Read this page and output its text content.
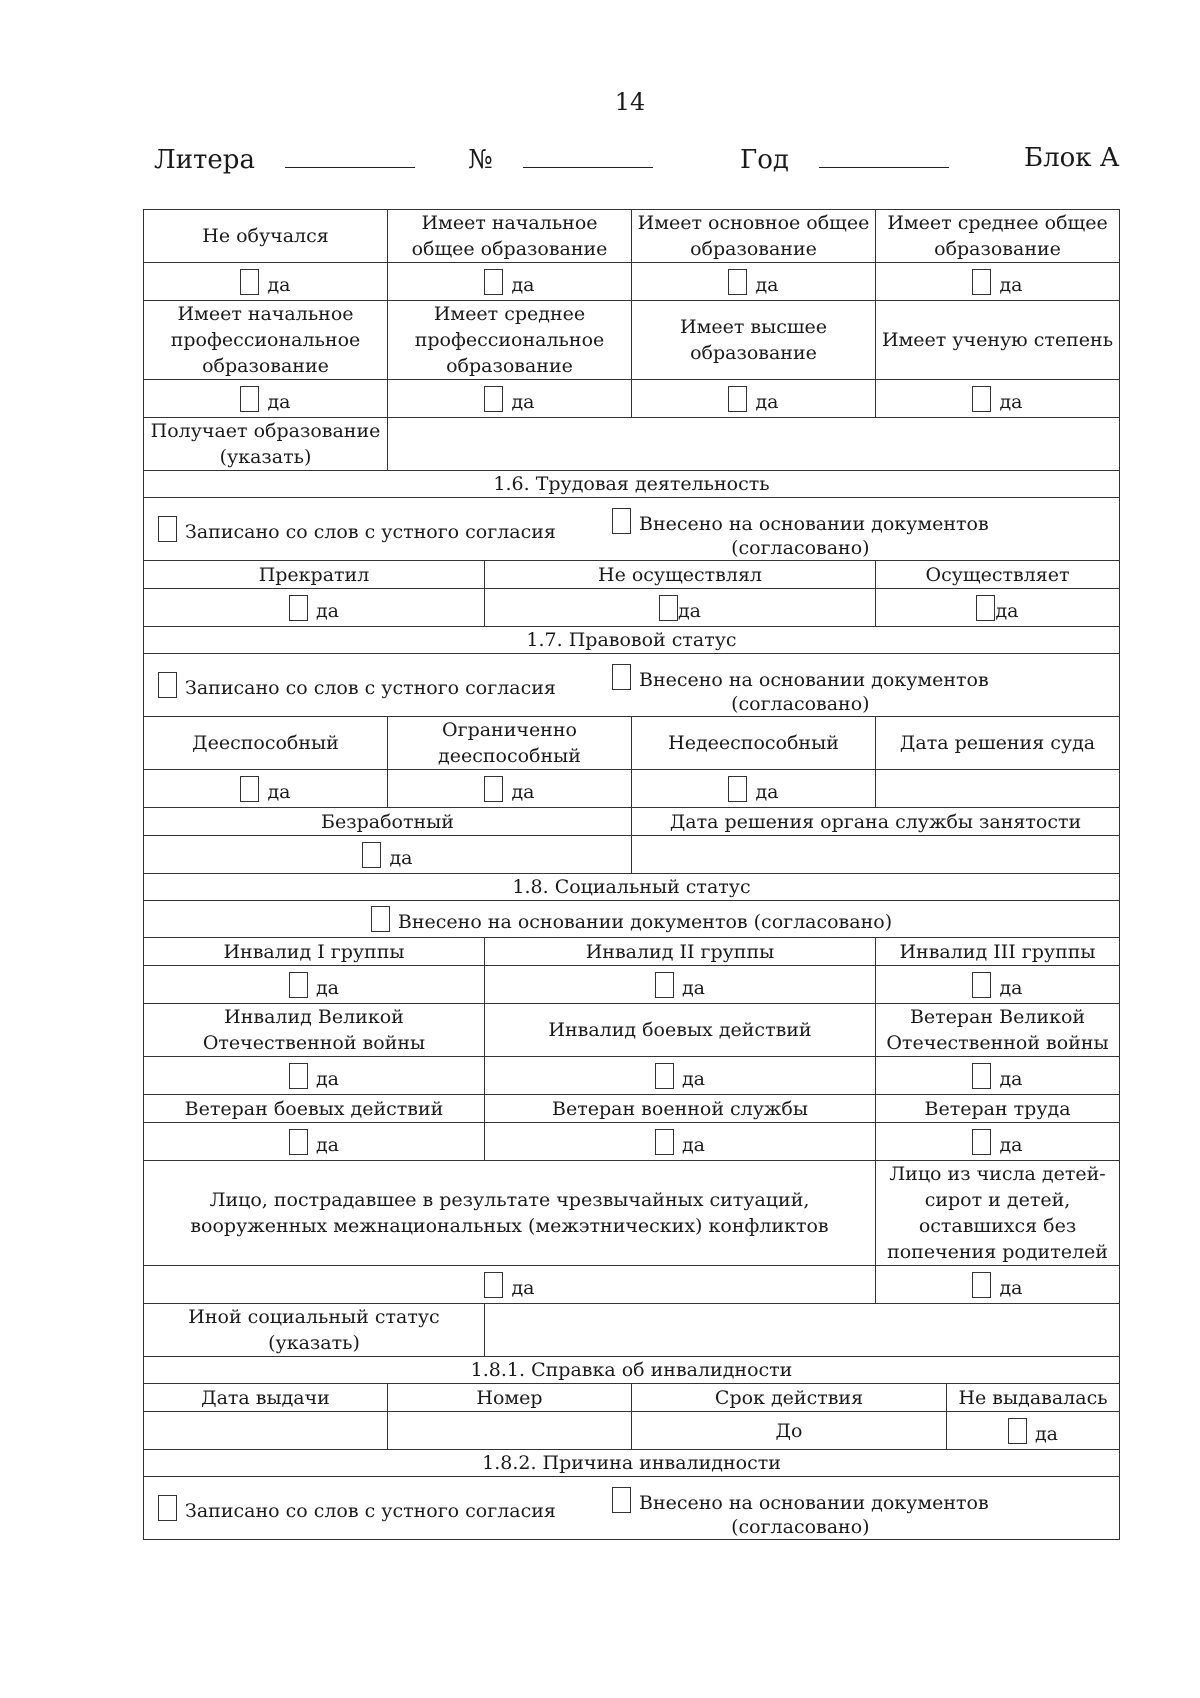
14
Литера	№	Год	Блок А
Не обучался	Имеет начальное общее образование		Имеет основное общее образование	Имеет среднее общее образование	
да	да		да	да	
Имеет начальное профессиональное образование	Имеет среднее профессиональное образование		Имеет высшее образование	Имеет ученую степень	
да	да		да	да	
Получает образование (указать)					
1.6. Трудовая деятельность					

Записано со слов с устного согласия Внесено на основании документов
(согласовано)					

Прекратил		Не осуществлял		Осуществляет	
да		да		да	
1.7. Правовой статус					

Записано со слов с устного согласия Внесено на основании документов
(согласовано)					

Дееспособный	Ограниченно дееспособный		Недееспособный	Дата решения суда	
да	да		да		
Безработный			Дата решения органа службы занятости		
да					
1.8. Социальный статус					
Внесено на основании документов (согласовано)					
Инвалид I группы		Инвалид II группы		Инвалид III группы	
да		да		да	
Инвалид Великой Отечественной войны		Инвалид боевых действий		Ветеран Великой Отечественной войны	
да		да		да	
Ветеран боевых действий		Ветеран военной службы		Ветеран труда	
да		да		да	
Лицо, пострадавшее в результате чрезвычайных ситуаций, вооруженных межнациональных (межэтнических) конфликтов				Лицо из числа детей-сирот и детей, оставшихся без попечения родителей	
да				да	
Иной социальный статус (указать)					
1.8.1. Справка об инвалидности					
Дата выдачи	Номер		Срок действия		Не выдавалась
			До		да
1.8.2. Причина инвалидности					

Записано со слов с устного согласия Внесено на основании документов
(согласовано)					
